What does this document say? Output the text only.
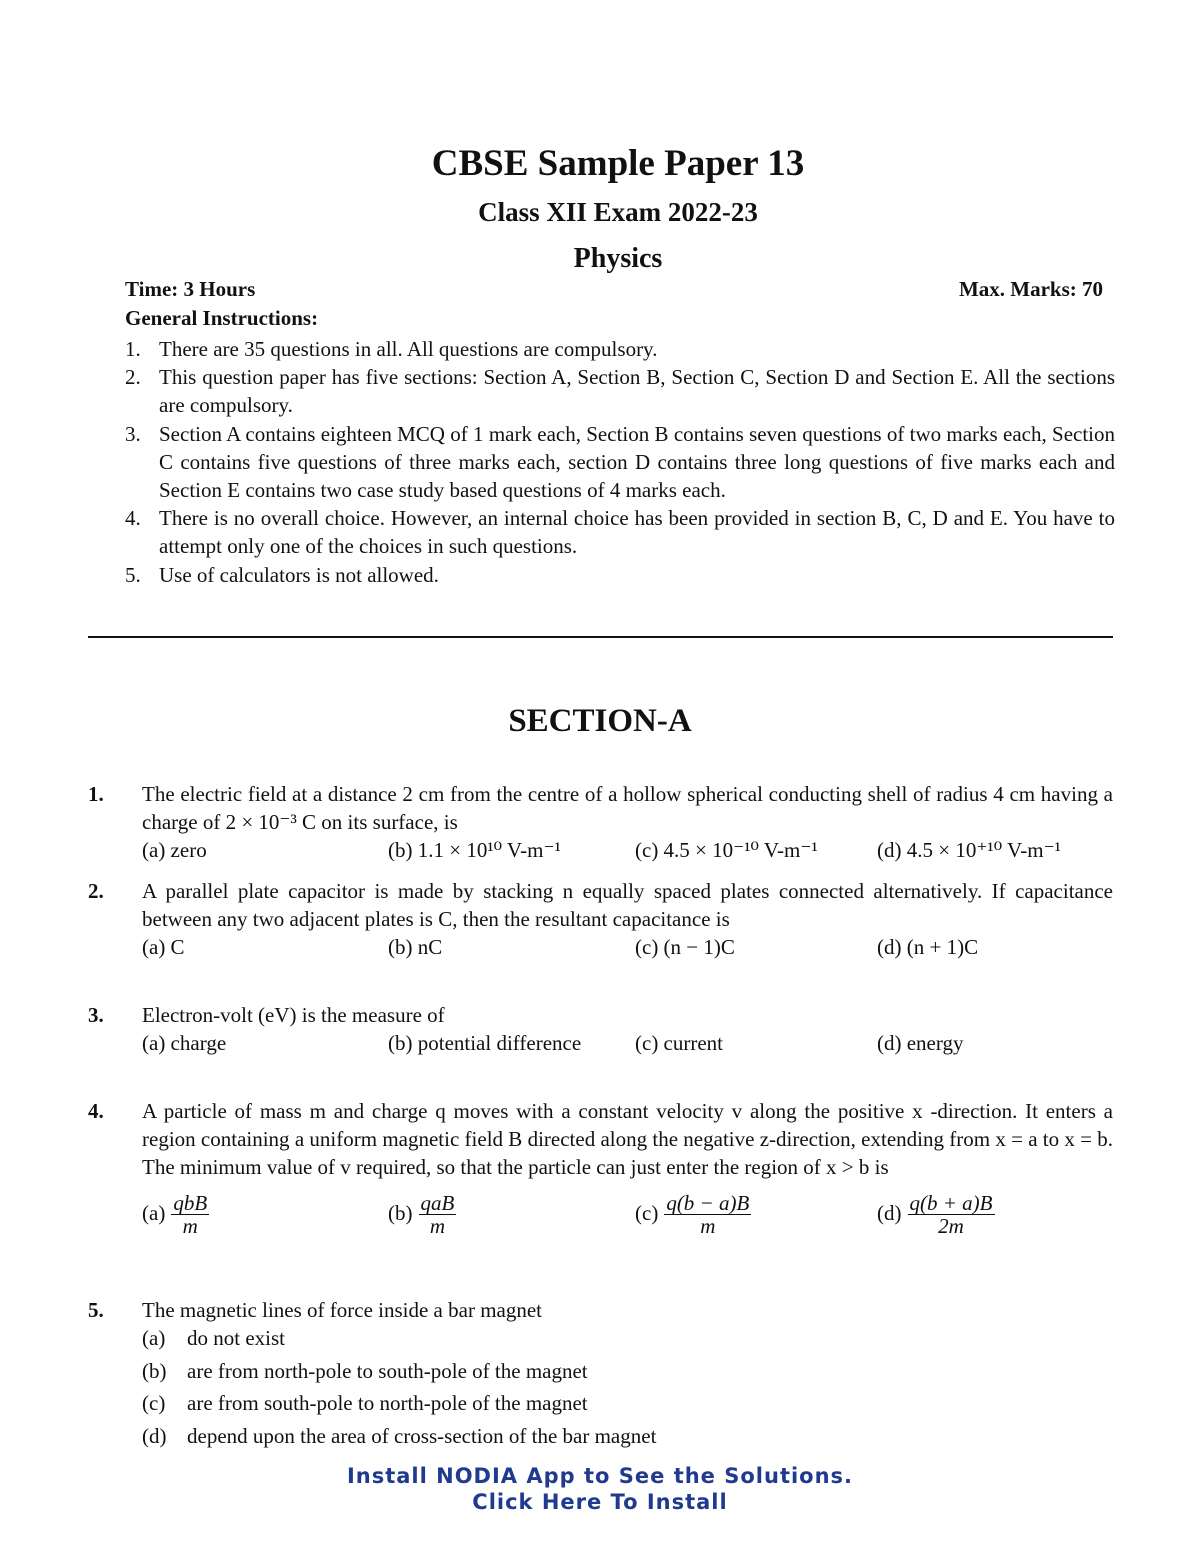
CBSE Sample Paper 13
Class XII Exam 2022-23
Physics
Time: 3 Hours	Max. Marks: 70
General Instructions:
1. There are 35 questions in all. All questions are compulsory.
2. This question paper has five sections: Section A, Section B, Section C, Section D and Section E. All the sections are compulsory.
3. Section A contains eighteen MCQ of 1 mark each, Section B contains seven questions of two marks each, Section C contains five questions of three marks each, section D contains three long questions of five marks each and Section E contains two case study based questions of 4 marks each.
4. There is no overall choice. However, an internal choice has been provided in section B, C, D and E. You have to attempt only one of the choices in such questions.
5. Use of calculators is not allowed.
SECTION-A
1. The electric field at a distance 2 cm from the centre of a hollow spherical conducting shell of radius 4 cm having a charge of 2 × 10⁻³ C on its surface, is
(a) zero	(b) 1.1 × 10¹⁰ V-m⁻¹	(c) 4.5 × 10⁻¹⁰ V-m⁻¹	(d) 4.5 × 10⁺¹⁰ V-m⁻¹
2. A parallel plate capacitor is made by stacking n equally spaced plates connected alternatively. If capacitance between any two adjacent plates is C, then the resultant capacitance is
(a) C	(b) nC	(c) (n − 1)C	(d) (n + 1)C
3. Electron-volt (eV) is the measure of
(a) charge	(b) potential difference	(c) current	(d) energy
4. A particle of mass m and charge q moves with a constant velocity v along the positive x -direction. It enters a region containing a uniform magnetic field B directed along the negative z-direction, extending from x = a to x = b. The minimum value of v required, so that the particle can just enter the region of x > b is
$(a) \frac{\text{qbB}}{m}$	$(b) \frac{\text{qaB}}{m}$	$(c) \frac{q(b - a)B}{m}$	$(d) \frac{q(b + a)B}{2m}$
5. The magnetic lines of force inside a bar magnet
(a) do not exist
(b) are from north-pole to south-pole of the magnet
(c) are from south-pole to north-pole of the magnet
(d) depend upon the area of cross-section of the bar magnet
Install NODIA App to See the Solutions.
Click Here To Install
